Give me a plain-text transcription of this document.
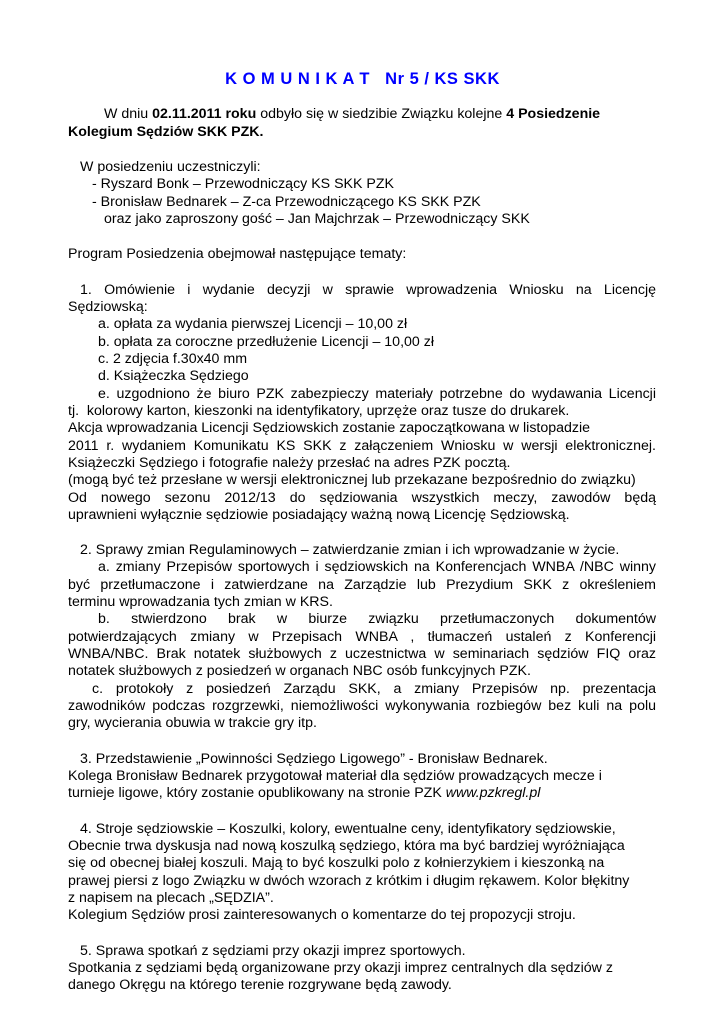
K O M U N I K A T   Nr 5 / KS SKK
W dniu 02.11.2011 roku odbyło się w siedzibie Związku kolejne 4 Posiedzenie
Kolegium Sędziów SKK PZK.
W posiedzeniu uczestniczyli:
- Ryszard Bonk – Przewodniczący KS SKK PZK
- Bronisław Bednarek – Z-ca Przewodniczącego KS SKK PZK
oraz jako zaproszony gość – Jan Majchrzak – Przewodniczący SKK
Program Posiedzenia obejmował następujące tematy:
1. Omówienie i wydanie decyzji w sprawie wprowadzenia Wniosku na Licencję
Sędziowską:
a. opłata za wydania pierwszej Licencji – 10,00 zł
b. opłata za coroczne przedłużenie Licencji – 10,00 zł
c. 2 zdjęcia f.30x40 mm
d. Książeczka Sędziego
e. uzgodniono że biuro PZK zabezpieczy materiały potrzebne do wydawania Licencji
tj.  kolorowy karton, kieszonki na identyfikatory, uprzęże oraz tusze do drukarek.
Akcja wprowadzania Licencji Sędziowskich zostanie zapoczątkowana w listopadzie
2011 r. wydaniem Komunikatu KS SKK z załączeniem Wniosku w wersji elektronicznej.
Książeczki Sędziego i fotografie należy przesłać na adres PZK pocztą.
(mogą być też przesłane w wersji elektronicznej lub przekazane bezpośrednio do związku)
Od nowego sezonu 2012/13 do sędziowania wszystkich meczy, zawodów będą
uprawnieni wyłącznie sędziowie posiadający ważną nową Licencję Sędziowską.
2. Sprawy zmian Regulaminowych – zatwierdzanie zmian i ich wprowadzanie w życie.
a. zmiany Przepisów sportowych i sędziowskich na Konferencjach WNBA /NBC winny
być przetłumaczone i zatwierdzane na Zarządzie lub Prezydium SKK z określeniem
terminu wprowadzania tych zmian w KRS.
b. stwierdzono brak w biurze związku przetłumaczonych dokumentów
potwierdzających zmiany w Przepisach WNBA , tłumaczeń ustaleń z Konferencji
WNBA/NBC. Brak notatek służbowych z uczestnictwa w seminariach sędziów FIQ oraz
notatek służbowych z posiedzeń w organach NBC osób funkcyjnych PZK.
c. protokoły z posiedzeń Zarządu SKK, a zmiany Przepisów np. prezentacja
zawodników podczas rozgrzewki, niemożliwości wykonywania rozbiegów bez kuli na polu
gry, wycierania obuwia w trakcie gry itp.
3. Przedstawienie „Powinności Sędziego Ligowego” - Bronisław Bednarek.
Kolega Bronisław Bednarek przygotował materiał dla sędziów prowadzących mecze i
turnieje ligowe, który zostanie opublikowany na stronie PZK www.pzkregl.pl
4. Stroje sędziowskie – Koszulki, kolory, ewentualne ceny, identyfikatory sędziowskie,
Obecnie trwa dyskusja nad nową koszulką sędziego, która ma być bardziej wyróżniająca
się od obecnej białej koszuli. Mają to być koszulki polo z kołnierzykiem i kieszonką na
prawej piersi z logo Związku w dwóch wzorach z krótkim i długim rękawem. Kolor błękitny
z napisem na plecach „SĘDZIA”.
Kolegium Sędziów prosi zainteresowanych o komentarze do tej propozycji stroju.
5. Sprawa spotkań z sędziami przy okazji imprez sportowych.
Spotkania z sędziami będą organizowane przy okazji imprez centralnych dla sędziów z
danego Okręgu na którego terenie rozgrywane będą zawody.
